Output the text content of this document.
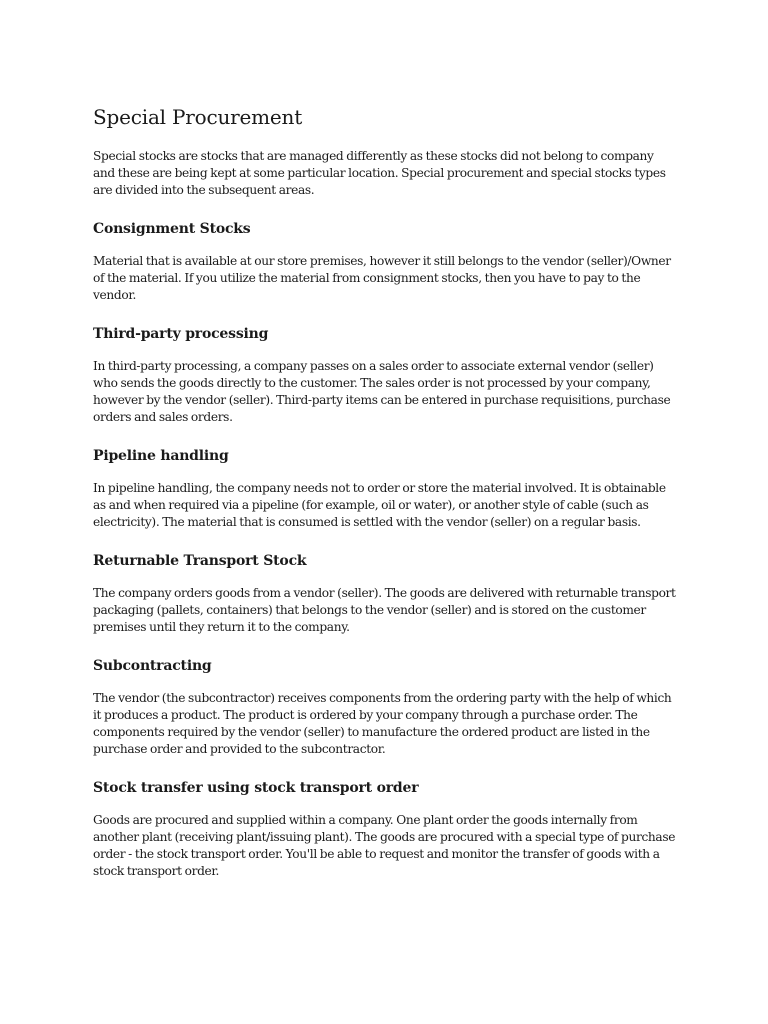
Special Procurement

Special stocks are stocks that are managed differently as these stocks did not belong to company and these are being kept at some particular location. Special procurement and special stocks types are divided into the subsequent areas.

Consignment Stocks

Material that is available at our store premises, however it still belongs to the vendor (seller)/Owner of the material. If you utilize the material from consignment stocks, then you have to pay to the vendor.

Third-party processing

In third-party processing, a company passes on a sales order to associate external vendor (seller) who sends the goods directly to the customer. The sales order is not processed by your company, however by the vendor (seller). Third-party items can be entered in purchase requisitions, purchase orders and sales orders.

Pipeline handling

In pipeline handling, the company needs not to order or store the material involved. It is obtainable as and when required via a pipeline (for example, oil or water), or another style of cable (such as electricity). The material that is consumed is settled with the vendor (seller) on a regular basis.

Returnable Transport Stock

The company orders goods from a vendor (seller). The goods are delivered with returnable transport packaging (pallets, containers) that belongs to the vendor (seller) and is stored on the customer premises until they return it to the company.

Subcontracting

The vendor (the subcontractor) receives components from the ordering party with the help of which it produces a product. The product is ordered by your company through a purchase order. The components required by the vendor (seller) to manufacture the ordered product are listed in the purchase order and provided to the subcontractor.

Stock transfer using stock transport order

Goods are procured and supplied within a company. One plant order the goods internally from another plant (receiving plant/issuing plant). The goods are procured with a special type of purchase order - the stock transport order. You'll be able to request and monitor the transfer of goods with a stock transport order.
